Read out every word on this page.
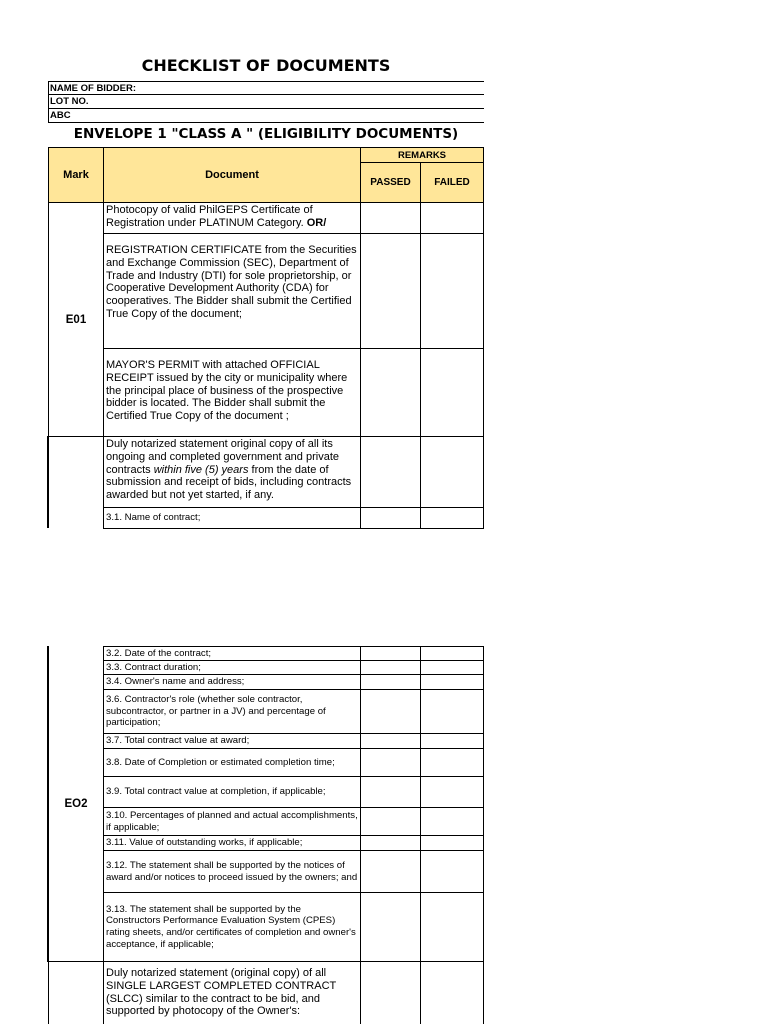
CHECKLIST OF DOCUMENTS
NAME OF BIDDER:
LOT NO.
ABC
ENVELOPE 1 "CLASS A " (ELIGIBILITY DOCUMENTS)
Mark	Document
REMARKS
PASSED	FAILED
E01
Photocopy of valid PhilGEPS Certificate of Registration under PLATINUM Category. OR/
REGISTRATION CERTIFICATE from the Securities and Exchange Commission (SEC), Department of Trade and Industry (DTI) for sole proprietorship, or Cooperative Development Authority (CDA) for cooperatives. The Bidder shall submit the Certified True Copy of the document;
MAYOR'S PERMIT with attached OFFICIAL RECEIPT issued by the city or municipality where the principal place of business of the prospective bidder is located. The Bidder shall submit the Certified True Copy of the document ;
Duly notarized statement original copy of all its ongoing and completed government and private contracts within five (5) years from the date of submission and receipt of bids, including contracts awarded but not yet started, if any.
3.1. Name of contract;
EO2
3.2. Date of the contract;
3.3. Contract duration;
3.4. Owner's name and address;
3.6. Contractor's role (whether sole contractor, subcontractor, or partner in a JV) and percentage of participation;
3.7. Total contract value at award;
3.8. Date of Completion or estimated completion time;
3.9. Total contract value at completion, if applicable;
3.10. Percentages of planned and actual accomplishments, if applicable;
3.11. Value of outstanding works, if applicable;
3.12. The statement shall be supported by the notices of award and/or notices to proceed issued by the owners; and
3.13. The statement shall be supported by the Constructors Performance Evaluation System (CPES) rating sheets, and/or certificates of completion and owner's acceptance, if applicable;
Duly notarized statement (original copy) of all SINGLE LARGEST COMPLETED CONTRACT (SLCC) similar to the contract to be bid, and supported by photocopy of the Owner's:
